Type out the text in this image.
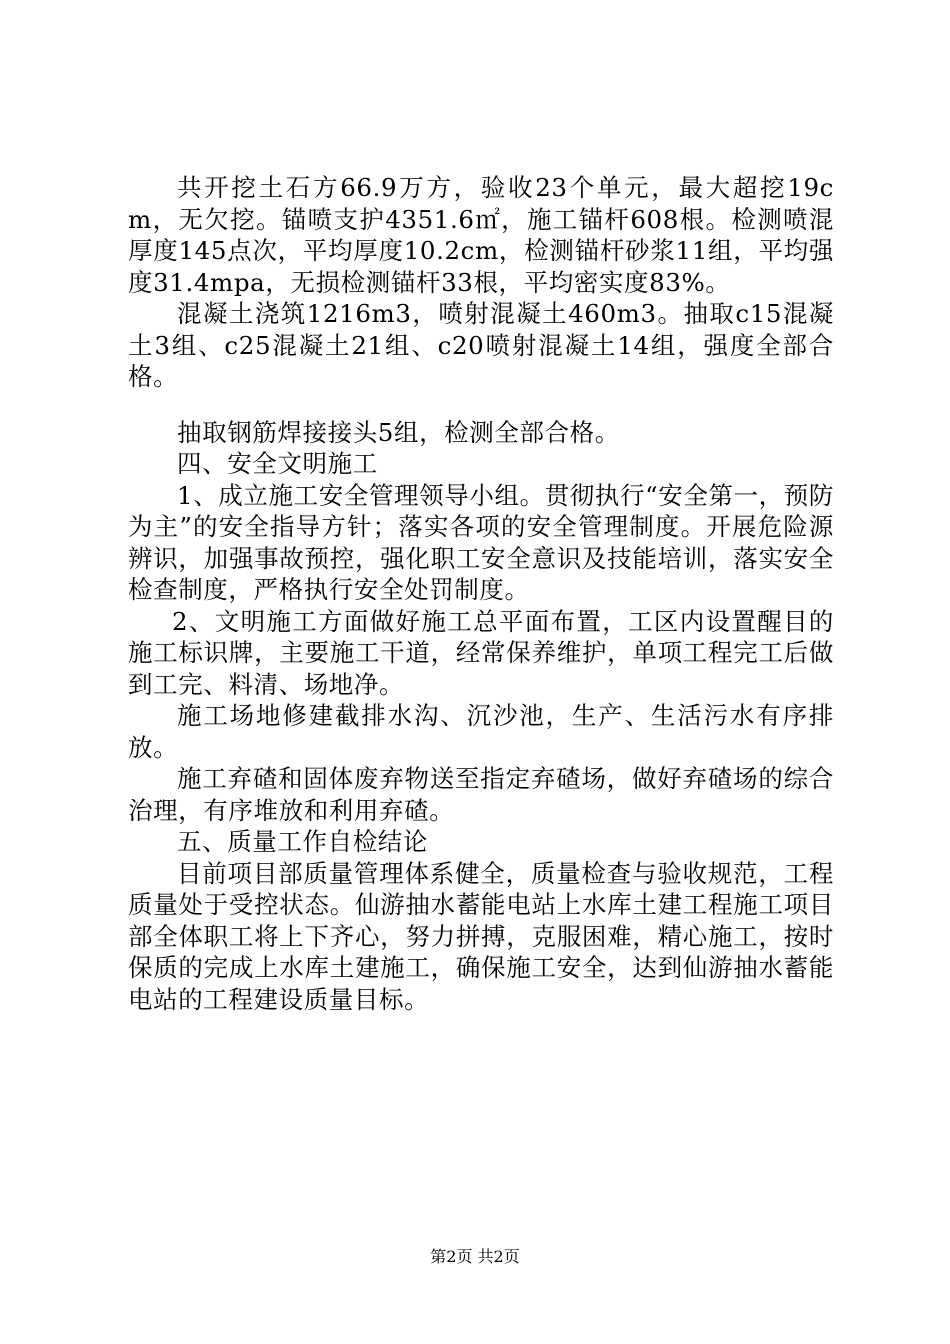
共开挖土石方66.9万方，验收23个单元，最大超挖19cm，无欠挖。锚喷支护4351.6㎡，施工锚杆608根。检测喷混厚度145点次，平均厚度10.2cm，检测锚杆砂浆11组，平均强度31.4mpa，无损检测锚杆33根，平均密实度83%。

混凝土浇筑1216m3，喷射混凝土460m3。抽取c15混凝土3组、c25混凝土21组、c20喷射混凝土14组，强度全部合格。

抽取钢筋焊接接头5组，检测全部合格。

四、安全文明施工

1、成立施工安全管理领导小组。贯彻执行“安全第一，预防为主”的安全指导方针；落实各项的安全管理制度。开展危险源辨识，加强事故预控，强化职工安全意识及技能培训，落实安全检查制度，严格执行安全处罚制度。

2、文明施工方面做好施工总平面布置，工区内设置醒目的施工标识牌，主要施工干道，经常保养维护，单项工程完工后做到工完、料清、场地净。

施工场地修建截排水沟、沉沙池，生产、生活污水有序排放。

施工弃碴和固体废弃物送至指定弃碴场，做好弃碴场的综合治理，有序堆放和利用弃碴。

五、质量工作自检结论

目前项目部质量管理体系健全，质量检查与验收规范，工程质量处于受控状态。仙游抽水蓄能电站上水库土建工程施工项目部全体职工将上下齐心，努力拼搏，克服困难，精心施工，按时保质的完成上水库土建施工，确保施工安全，达到仙游抽水蓄能电站的工程建设质量目标。

第2页 共2页
